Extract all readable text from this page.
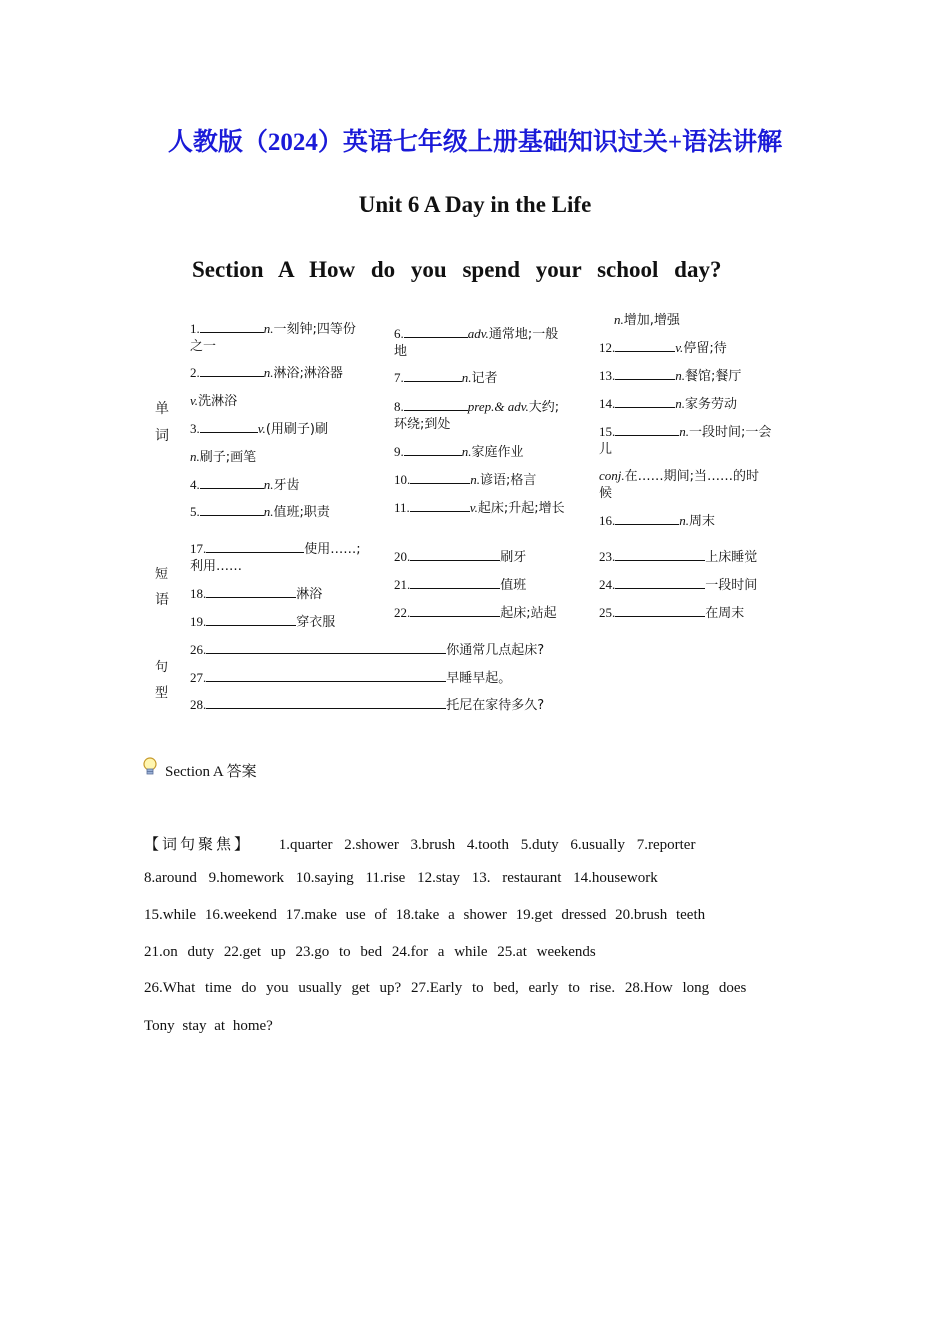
人教版（2024）英语七年级上册基础知识过关+语法讲解
Unit 6 A Day in the Life
Section A How do you spend your school day?
单
词
短
语
句
型
1.	n.一刻钟;四等份
之一
2.	n.淋浴;淋浴器
v.洗淋浴
3.	v.(用刷子)刷
n.刷子;画笔
4.	n.牙齿
5.	n.值班;职责
6.	adv.通常地;一般
地
7.	n.记者
8.	prep.& adv.大约;
环绕;到处
9.	n.家庭作业
10.	n.谚语;格言
11.	v.起床;升起;增长
n.增加,增强
12.	v.停留;待
13.	n.餐馆;餐厅
14.	n.家务劳动
15.	n.一段时间;一会
儿
conj.在……期间;当……的时
候
16.	n.周末
17.	使用……;
利用……
18.	淋浴
19.	穿衣服
20.	刷牙
21.	值班
22.	起床;站起
23.	上床睡觉
24.	一段时间
25.	在周末
26.	你通常几点起床?
27.	早睡早起。
28.	托尼在家待多久?
Section A 答案
【词句聚焦】 1.quarter 2.shower 3.brush 4.tooth 5.duty 6.usually 7.reporter
8.around 9.homework 10.saying 11.rise 12.stay 13. restaurant 14.housework
15.while 16.weekend 17.make use of 18.take a shower 19.get dressed 20.brush teeth
21.on duty 22.get up 23.go to bed 24.for a while 25.at weekends
26.What time do you usually get up? 27.Early to bed, early to rise. 28.How long does
Tony stay at home?
